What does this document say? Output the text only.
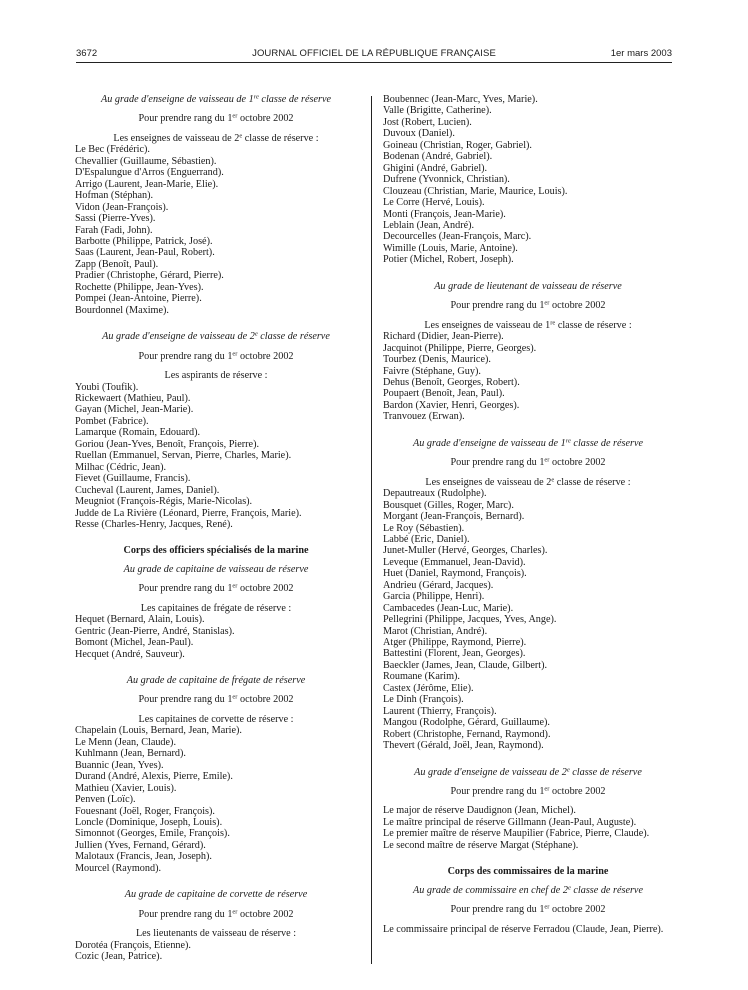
3672	JOURNAL OFFICIEL DE LA RÉPUBLIQUE FRANÇAISE	1er mars 2003

Au grade d'enseigne de vaisseau de 1re classe de réserve

Pour prendre rang du 1er octobre 2002

Les enseignes de vaisseau de 2e classe de réserve :

Le Bec (Frédéric).
Chevallier (Guillaume, Sébastien).
D'Espalungue d'Arros (Enguerrand).
Arrigo (Laurent, Jean-Marie, Elie).
Hofman (Stéphan).
Vidon (Jean-François).
Sassi (Pierre-Yves).
Farah (Fadi, John).
Barbotte (Philippe, Patrick, José).
Saas (Laurent, Jean-Paul, Robert).
Zapp (Benoît, Paul).
Pradier (Christophe, Gérard, Pierre).
Rochette (Philippe, Jean-Yves).
Pompei (Jean-Antoine, Pierre).
Bourdonnel (Maxime).

Au grade d'enseigne de vaisseau de 2e classe de réserve

Pour prendre rang du 1er octobre 2002

Les aspirants de réserve :

Youbi (Toufik).
Rickewaert (Mathieu, Paul).
Gayan (Michel, Jean-Marie).
Pombet (Fabrice).
Lamarque (Romain, Edouard).
Goriou (Jean-Yves, Benoît, François, Pierre).
Ruellan (Emmanuel, Servan, Pierre, Charles, Marie).
Milhac (Cédric, Jean).
Fievet (Guillaume, Francis).
Cucheval (Laurent, James, Daniel).
Meugniot (François-Régis, Marie-Nicolas).
Judde de La Rivière (Léonard, Pierre, François, Marie).
Resse (Charles-Henry, Jacques, René).

Corps des officiers spécialisés de la marine

Au grade de capitaine de vaisseau de réserve

Pour prendre rang du 1er octobre 2002

Les capitaines de frégate de réserve :

Hequet (Bernard, Alain, Louis).
Gentric (Jean-Pierre, André, Stanislas).
Bomont (Michel, Jean-Paul).
Hecquet (André, Sauveur).

Au grade de capitaine de frégate de réserve

Pour prendre rang du 1er octobre 2002

Les capitaines de corvette de réserve :

Chapelain (Louis, Bernard, Jean, Marie).
Le Menn (Jean, Claude).
Kuhlmann (Jean, Bernard).
Buannic (Jean, Yves).
Durand (André, Alexis, Pierre, Emile).
Mathieu (Xavier, Louis).
Penven (Loïc).
Fouesnant (Joël, Roger, François).
Loncle (Dominique, Joseph, Louis).
Simonnot (Georges, Emile, François).
Jullien (Yves, Fernand, Gérard).
Malotaux (Francis, Jean, Joseph).
Mourcel (Raymond).

Au grade de capitaine de corvette de réserve

Pour prendre rang du 1er octobre 2002

Les lieutenants de vaisseau de réserve :

Dorotéa (François, Etienne).
Cozic (Jean, Patrice).
Boubennec (Jean-Marc, Yves, Marie).
Valle (Brigitte, Catherine).
Jost (Robert, Lucien).
Duvoux (Daniel).
Goineau (Christian, Roger, Gabriel).
Bodenan (André, Gabriel).
Ghigini (André, Gabriel).
Dufrene (Yvonnick, Christian).
Clouzeau (Christian, Marie, Maurice, Louis).
Le Corre (Hervé, Louis).
Monti (François, Jean-Marie).
Leblain (Jean, André).
Decourcelles (Jean-François, Marc).
Wimille (Louis, Marie, Antoine).
Potier (Michel, Robert, Joseph).

Au grade de lieutenant de vaisseau de réserve

Pour prendre rang du 1er octobre 2002

Les enseignes de vaisseau de 1re classe de réserve :

Richard (Didier, Jean-Pierre).
Jacquinot (Philippe, Pierre, Georges).
Tourbez (Denis, Maurice).
Faivre (Stéphane, Guy).
Dehus (Benoît, Georges, Robert).
Poupaert (Benoît, Jean, Paul).
Bardon (Xavier, Henri, Georges).
Tranvouez (Erwan).

Au grade d'enseigne de vaisseau de 1re classe de réserve

Pour prendre rang du 1er octobre 2002

Les enseignes de vaisseau de 2e classe de réserve :

Depautreaux (Rudolphe).
Bousquet (Gilles, Roger, Marc).
Morgant (Jean-François, Bernard).
Le Roy (Sébastien).
Labbé (Eric, Daniel).
Junet-Muller (Hervé, Georges, Charles).
Leveque (Emmanuel, Jean-David).
Huet (Daniel, Raymond, François).
Andrieu (Gérard, Jacques).
Garcia (Philippe, Henri).
Cambacedes (Jean-Luc, Marie).
Pellegrini (Philippe, Jacques, Yves, Ange).
Marot (Christian, André).
Atger (Philippe, Raymond, Pierre).
Battestini (Florent, Jean, Georges).
Baeckler (James, Jean, Claude, Gilbert).
Roumane (Karim).
Castex (Jérôme, Elie).
Le Dinh (François).
Laurent (Thierry, François).
Mangou (Rodolphe, Gérard, Guillaume).
Robert (Christophe, Fernand, Raymond).
Thevert (Gérald, Joël, Jean, Raymond).

Au grade d'enseigne de vaisseau de 2e classe de réserve

Pour prendre rang du 1er octobre 2002

Le major de réserve Daudignon (Jean, Michel).
Le maître principal de réserve Gillmann (Jean-Paul, Auguste).
Le premier maître de réserve Maupilier (Fabrice, Pierre, Claude).
Le second maître de réserve Margat (Stéphane).

Corps des commissaires de la marine

Au grade de commissaire en chef de 2e classe de réserve

Pour prendre rang du 1er octobre 2002

Le commissaire principal de réserve Ferradou (Claude, Jean, Pierre).
